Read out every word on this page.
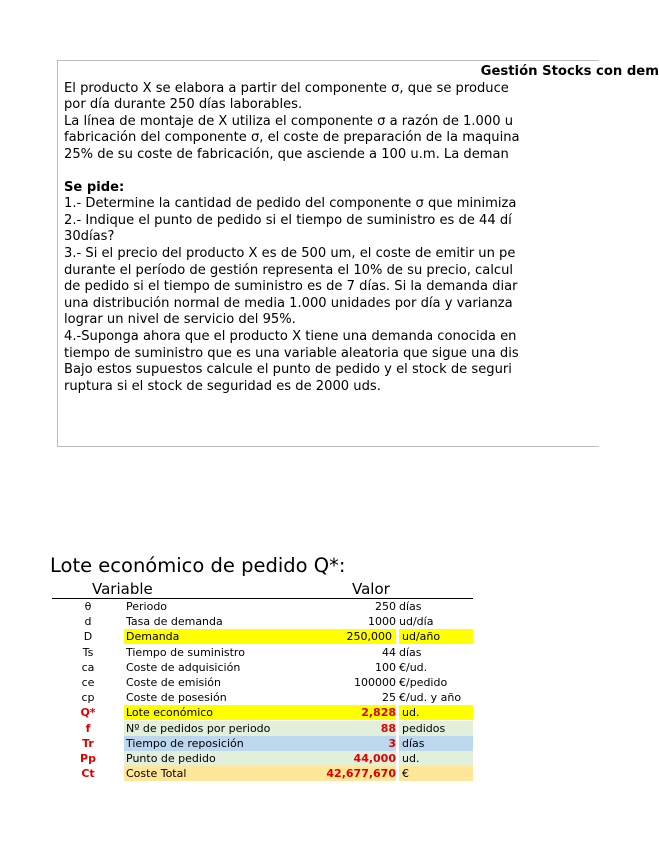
Gestión Stocks con dem
El producto X se elabora a partir del componente σ, que se produce
por día durante 250 días laborables.
La línea de montaje de X utiliza el componente σ a razón de 1.000 u
fabricación del componente σ, el coste de preparación de la maquina
25% de su coste de fabricación, que asciende a 100 u.m. La deman
Se pide:
1.- Determine la cantidad de pedido del componente σ que minimiza
2.- Indique el punto de pedido si el tiempo de suministro es de 44 dí
30días?
3.- Si el precio del producto X es de 500 um, el coste de emitir un pe
durante el período de gestión representa el 10% de su precio, calcul
de pedido si el tiempo de suministro es de 7 días. Si la demanda diar
una distribución normal de media 1.000 unidades por día y varianza
lograr un nivel de servicio del 95%.
4.-Suponga ahora que el producto X tiene una demanda conocida en
tiempo de suministro que es una variable aleatoria que sigue una dis
Bajo estos supuestos calcule el punto de pedido y el stock de seguri
ruptura si el stock de seguridad es de 2000 uds.
Lote económico de pedido Q*:
Variable	Valor
θ	Periodo	250 días
d	Tasa de demanda	1000 ud/día
D	Demanda	250,000 ud/año
Ts	Tiempo de suministro	44 días
ca	Coste de adquisición	100 €/ud.
ce	Coste de emisión	100000 €/pedido
cp	Coste de posesión	25 €/ud. y año
Q*	Lote económico	2,828 ud.
f	Nº de pedidos por periodo	88 pedidos
Tr	Tiempo de reposición	3 días
Pp	Punto de pedido	44,000 ud.
Ct	Coste Total	42,677,670 €
